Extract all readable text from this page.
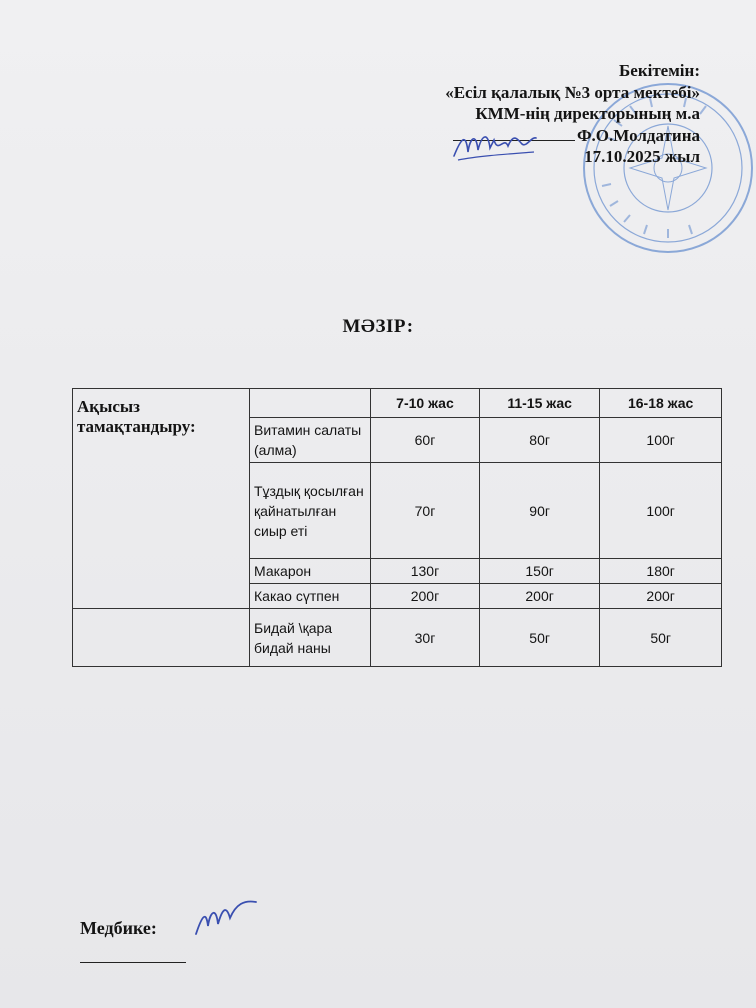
Бекітемін:
«Есіл қалалық №3 орта мектебі»
КММ-нің директорының м.а
Ф.О.Молдатина
17.10.2025 жыл
МӘЗІР:
Ақысыз тамақтандыру:		7-10 жас	11-15 жас	16-18 жас
	Витамин салаты (алма)	60г	80г	100г
	Тұздық қосылған қайнатылған сиыр еті	70г	90г	100г
	Макарон	130г	150г	180г
	Какао сүтпен	200г	200г	200г
	Бидай \қара бидай наны	30г	50г	50г
Медбике:
